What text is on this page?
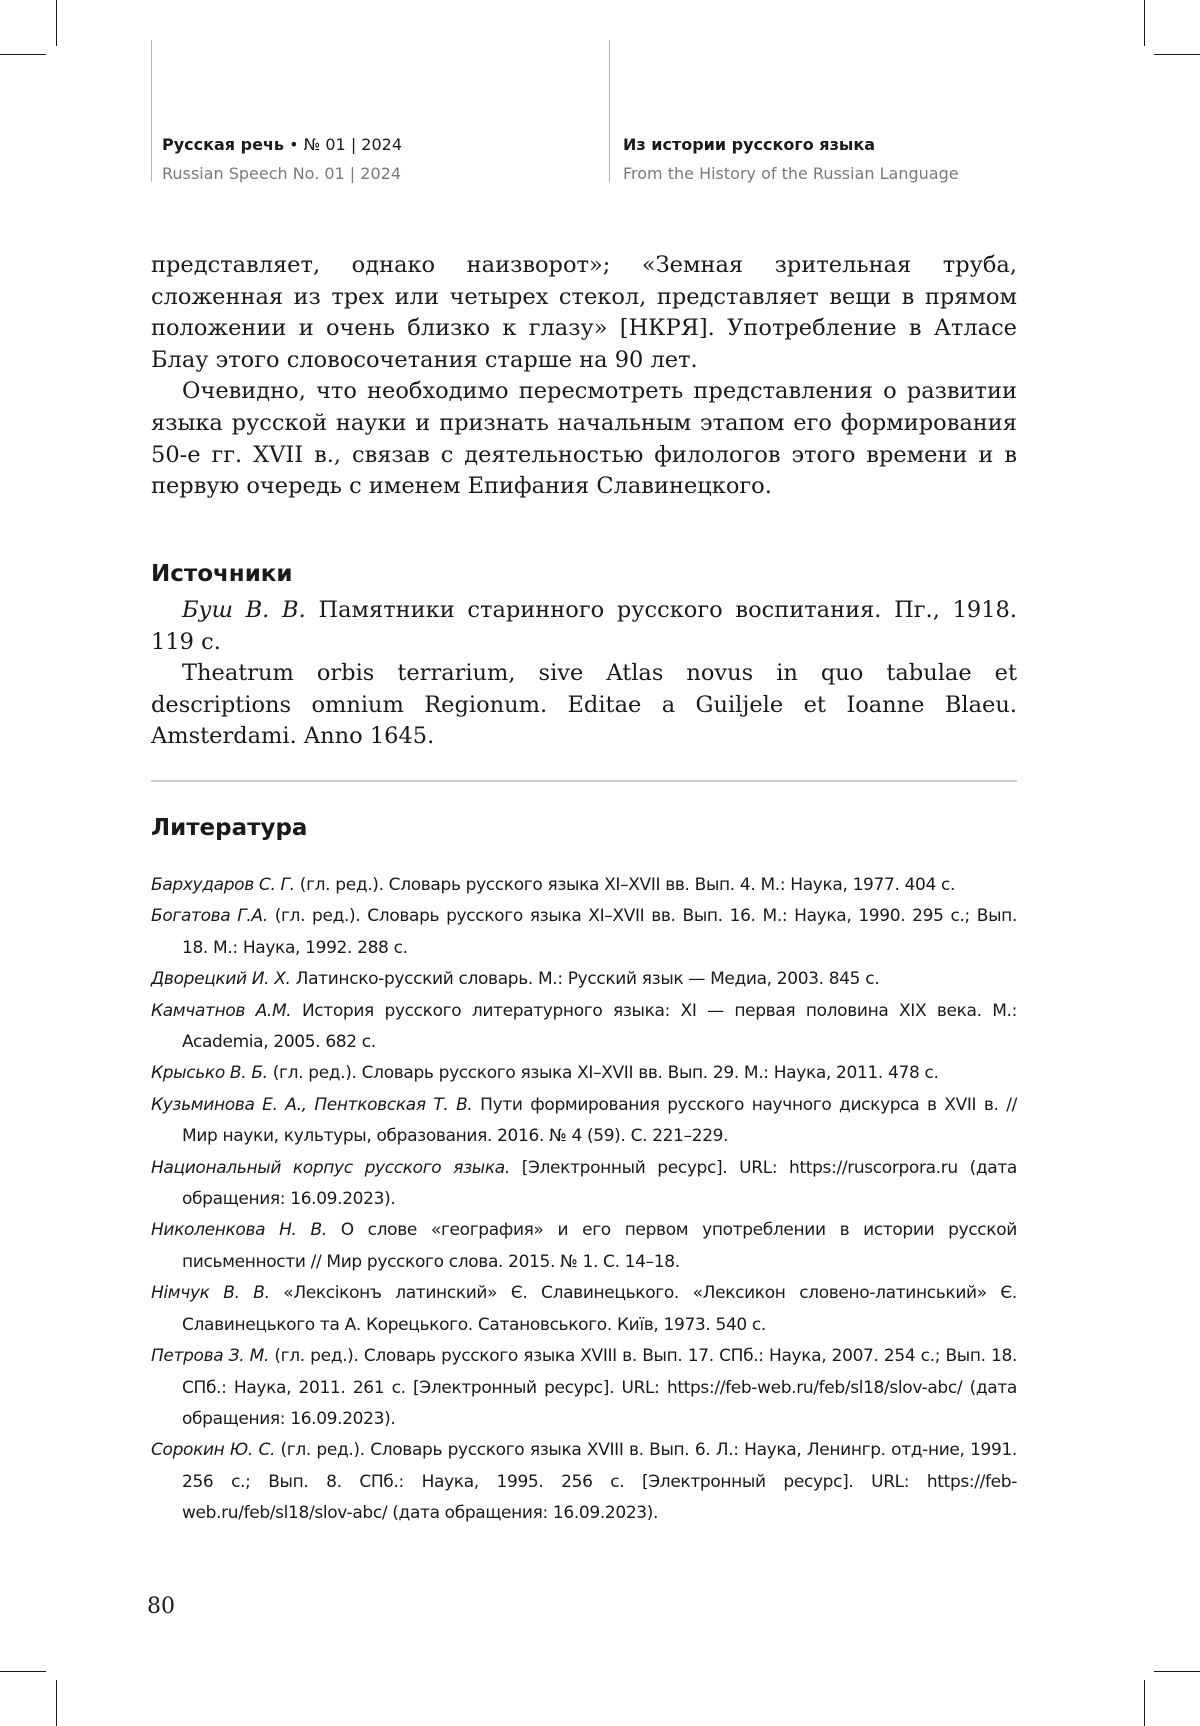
Русская речь • № 01 | 2024
Russian Speech No. 01 | 2024
Из истории русского языка
From the History of the Russian Language

представляет, однако наизворот»; «Земная зрительная труба, сложенная из трех или четырех стекол, представляет вещи в прямом положении и очень близко к глазу» [НКРЯ]. Употребление в Атласе Блау этого словосочетания старше на 90 лет.

Очевидно, что необходимо пересмотреть представления о развитии языка русской науки и признать начальным этапом его формирования 50-е гг. XVII в., связав с деятельностью филологов этого времени и в первую очередь с именем Епифания Славинецкого.

Источники

Буш В. В. Памятники старинного русского воспитания. Пг., 1918. 119 с.

Theatrum orbis terrarium, sive Atlas novus in quo tabulae et descriptions omnium Regionum. Editae a Guiljele et Ioanne Blaeu. Amsterdami. Anno 1645.

Литература
Бархударов С. Г. (гл. ред.). Словарь русского языка XI–XVII вв. Вып. 4. М.: Наука, 1977. 404 с.
Богатова Г.А. (гл. ред.). Словарь русского языка XI–XVII вв. Вып. 16. М.: Наука, 1990. 295 с.; Вып. 18. М.: Наука, 1992. 288 с.
Дворецкий И. Х. Латинско-русский словарь. М.: Русский язык — Медиа, 2003. 845 с.
Камчатнов А.М. История русского литературного языка: XI — первая половина XIX века. М.: Academia, 2005. 682 с.
Крысько В. Б. (гл. ред.). Словарь русского языка XI–XVII вв. Вып. 29. М.: Наука, 2011. 478 с.
Кузьминова Е. А., Пентковская Т. В. Пути формирования русского научного дискурса в XVII в. // Мир науки, культуры, образования. 2016. № 4 (59). С. 221–229.
Национальный корпус русского языка. [Электронный ресурс]. URL: https://ruscorpora.ru (дата обращения: 16.09.2023).
Николенкова Н. В. О слове «география» и его первом употреблении в истории русской письменности // Мир русского слова. 2015. № 1. С. 14–18.
Німчук В. В. «Лексіконъ латинский» Є. Славинецького. «Лексикон словено-латинський» Є. Славинецького та А. Корецького. Сатановського. Київ, 1973. 540 с.
Петрова З. М. (гл. ред.). Словарь русского языка XVIII в. Вып. 17. СПб.: Наука, 2007. 254 с.; Вып. 18. СПб.: Наука, 2011. 261 с. [Электронный ресурс]. URL: https://feb-web.ru/feb/sl18/slov-abc/ (дата обращения: 16.09.2023).
Сорокин Ю. С. (гл. ред.). Словарь русского языка XVIII в. Вып. 6. Л.: Наука, Ленингр. отд-ние, 1991. 256 с.; Вып. 8. СПб.: Наука, 1995. 256 с. [Электронный ресурс]. URL: https://feb-web.ru/feb/sl18/slov-abc/ (дата обращения: 16.09.2023).
80
